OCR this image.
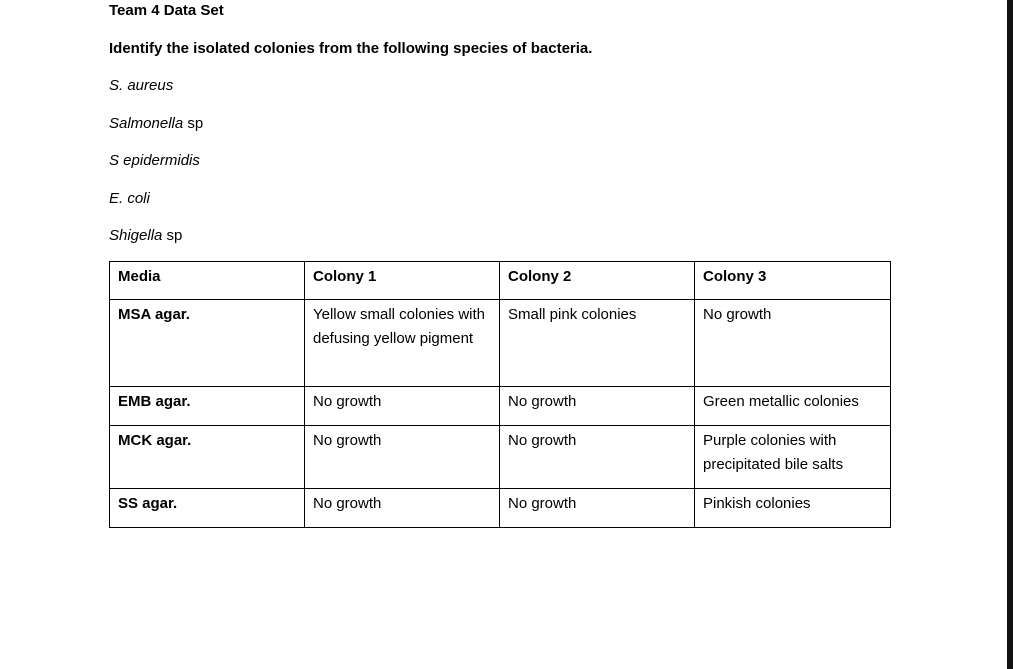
Team 4 Data Set
Identify the isolated colonies from the following species of bacteria.
S. aureus
Salmonella sp
S epidermidis
E. coli
Shigella sp
Media	Colony 1	Colony 2	Colony 3
MSA agar.	Yellow small colonies with defusing yellow pigment	Small pink colonies	No growth
EMB agar.	No growth	No growth	Green metallic colonies
MCK agar.	No growth	No growth	Purple colonies with precipitated bile salts
SS agar.	No growth	No growth	Pinkish colonies
